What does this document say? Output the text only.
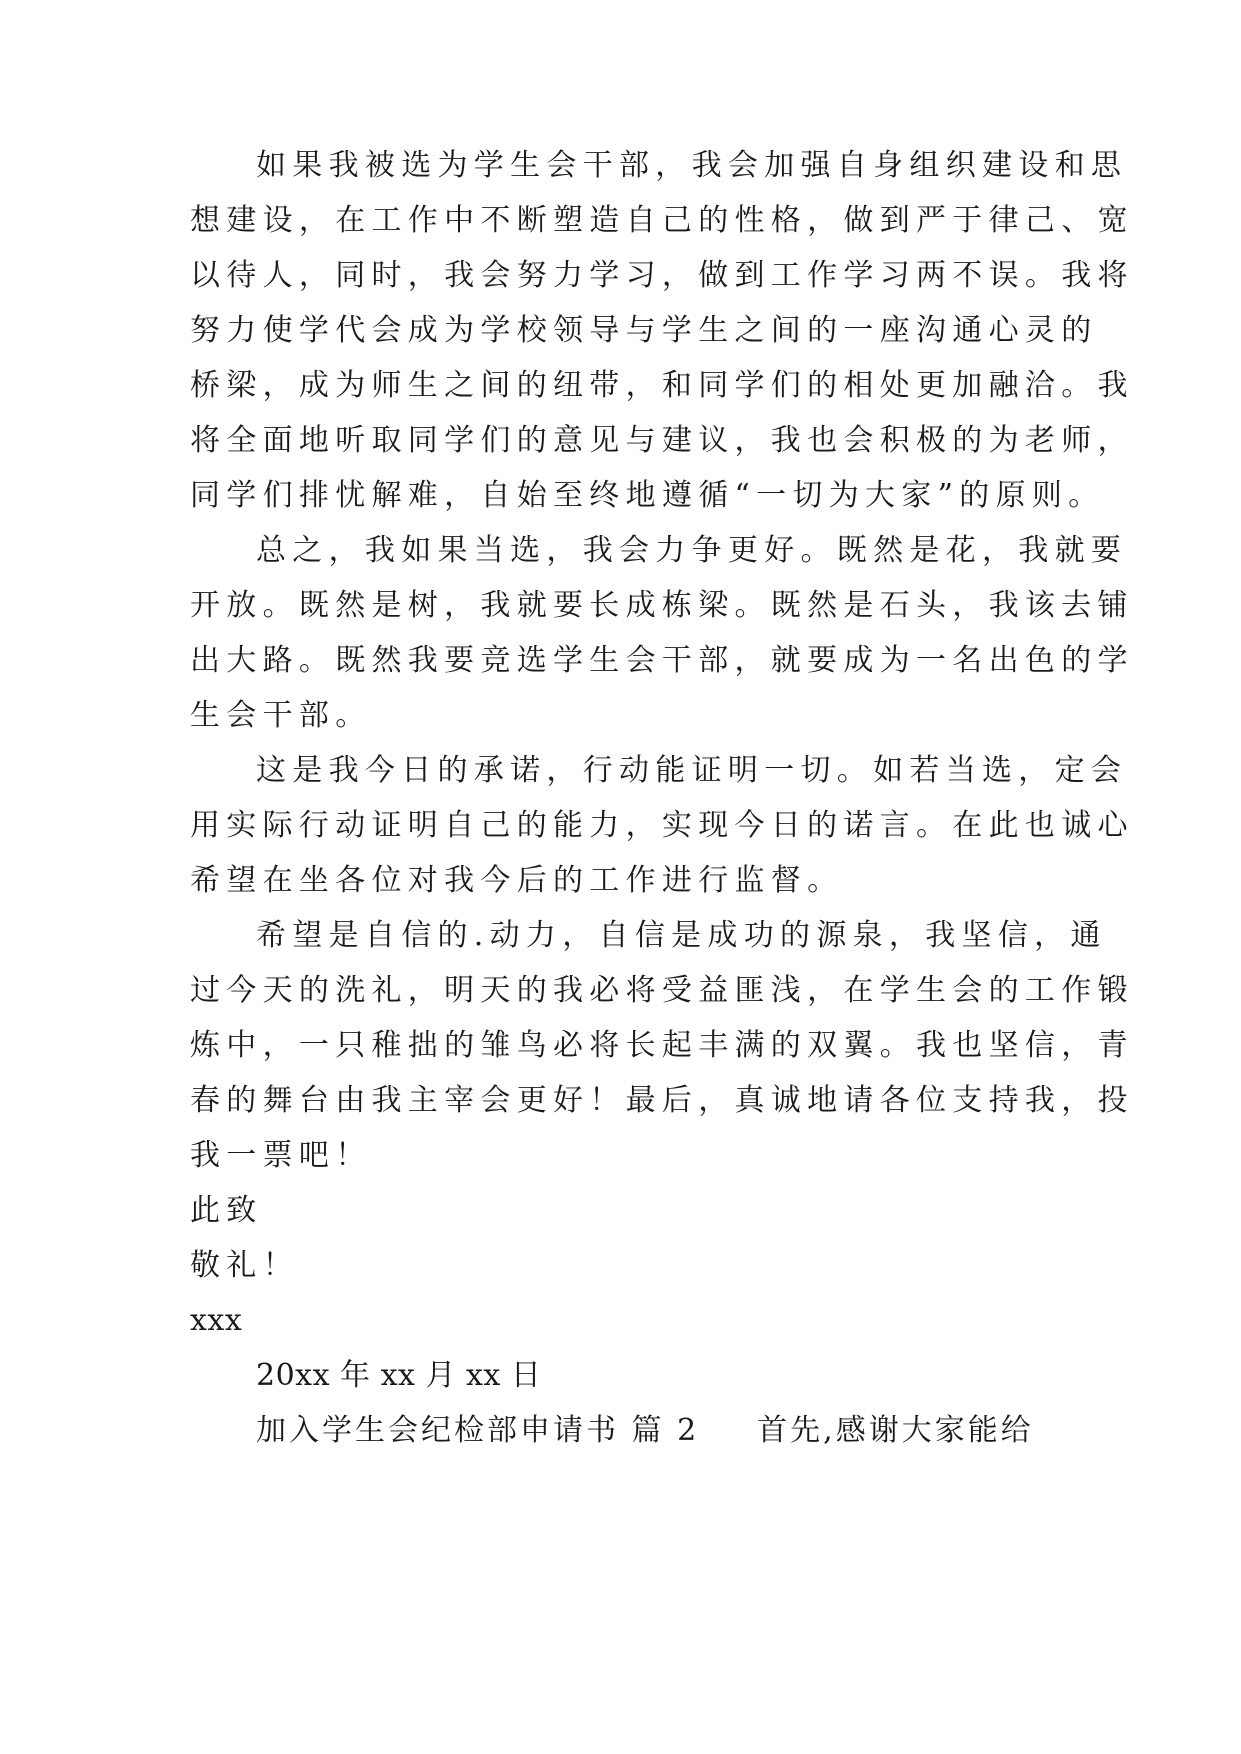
如果我被选为学生会干部，我会加强自身组织建设和思
想建设，在工作中不断塑造自己的性格，做到严于律己、宽
以待人，同时，我会努力学习，做到工作学习两不误。我将
努力使学代会成为学校领导与学生之间的一座沟通心灵的
桥梁，成为师生之间的纽带，和同学们的相处更加融洽。我
将全面地听取同学们的意见与建议，我也会积极的为老师，
同学们排忧解难，自始至终地遵循“一切为大家”的原则。
总之，我如果当选，我会力争更好。既然是花，我就要
开放。既然是树，我就要长成栋梁。既然是石头，我该去铺
出大路。既然我要竞选学生会干部，就要成为一名出色的学
生会干部。
这是我今日的承诺，行动能证明一切。如若当选，定会
用实际行动证明自己的能力，实现今日的诺言。在此也诚心
希望在坐各位对我今后的工作进行监督。
希望是自信的.动力，自信是成功的源泉，我坚信，通
过今天的洗礼，明天的我必将受益匪浅，在学生会的工作锻
炼中，一只稚拙的雏鸟必将长起丰满的双翼。我也坚信，青
春的舞台由我主宰会更好！最后，真诚地请各位支持我，投
我一票吧！
此致
敬礼！
xxx
20xx 年 xx 月 xx 日
加入学生会纪检部申请书 篇 2 首先,感谢大家能给
